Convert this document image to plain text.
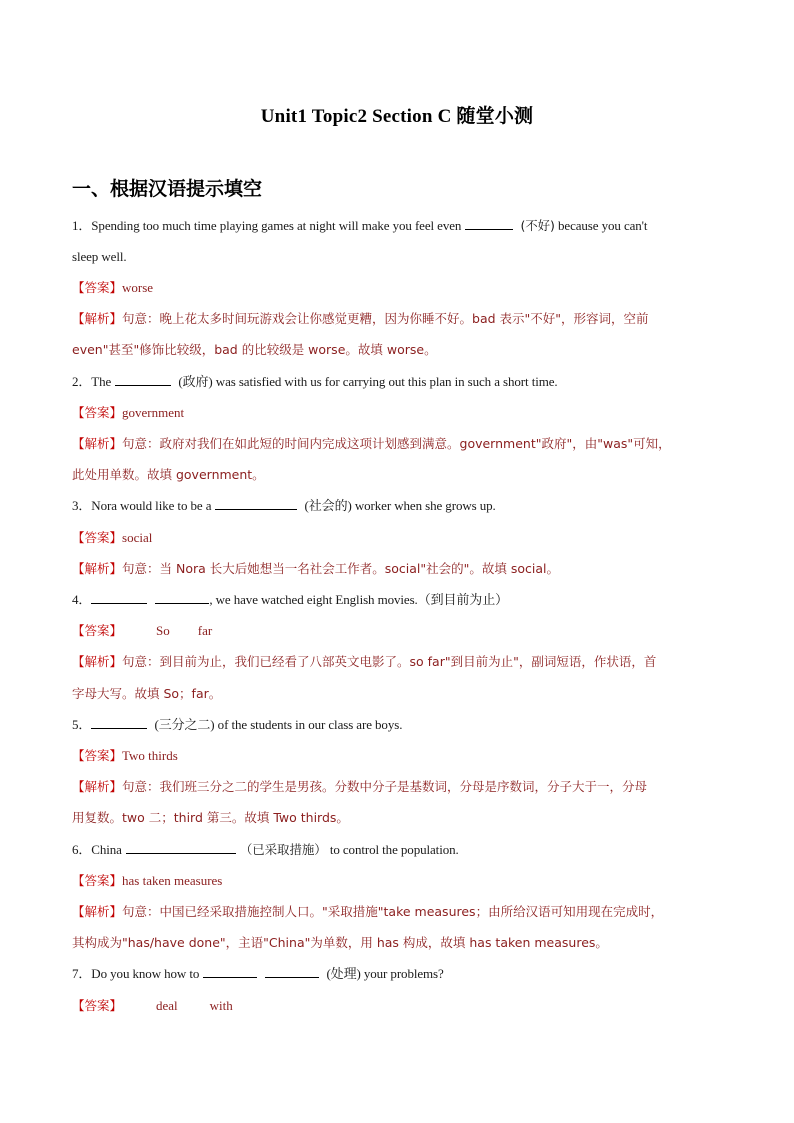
Unit1 Topic2 Section C 随堂小测
一、根据汉语提示填空
1．Spending too much time playing games at night will make you feel even	(不好) because you can't
sleep well.
【答案】worse
【解析】句意：晚上花太多时间玩游戏会让你感觉更糟，因为你睡不好。bad 表示"不好"，形容词，空前
even"甚至"修饰比较级，bad 的比较级是 worse。故填 worse。
2．The	(政府) was satisfied with us for carrying out this plan in such a short time.
【答案】government
【解析】句意：政府对我们在如此短的时间内完成这项计划感到满意。government"政府"，由"was"可知，
此处用单数。故填 government。
3．Nora would like to be a	(社会的) worker when she grows up.
【答案】social
【解析】句意：当 Nora 长大后她想当一名社会工作者。social"社会的"。故填 social。
4．	, we have watched eight English movies.（到目前为止）
【答案】	So far
【解析】句意：到目前为止，我们已经看了八部英文电影了。so far"到目前为止"，副词短语，作状语，首
字母大写。故填 So；far。
5．	(三分之二) of the students in our class are boys.
【答案】Two thirds
【解析】句意：我们班三分之二的学生是男孩。分数中分子是基数词，分母是序数词，分子大于一，分母
用复数。two 二；third 第三。故填 Two thirds。
6．China	（已采取措施） to control the population.
【答案】has taken measures
【解析】句意：中国已经采取措施控制人口。"采取措施"take measures；由所给汉语可知用现在完成时，
其构成为"has/have done"，主语"China"为单数，用 has 构成，故填 has taken measures。
7．Do you know how to	(处理) your problems?
【答案】	deal with
